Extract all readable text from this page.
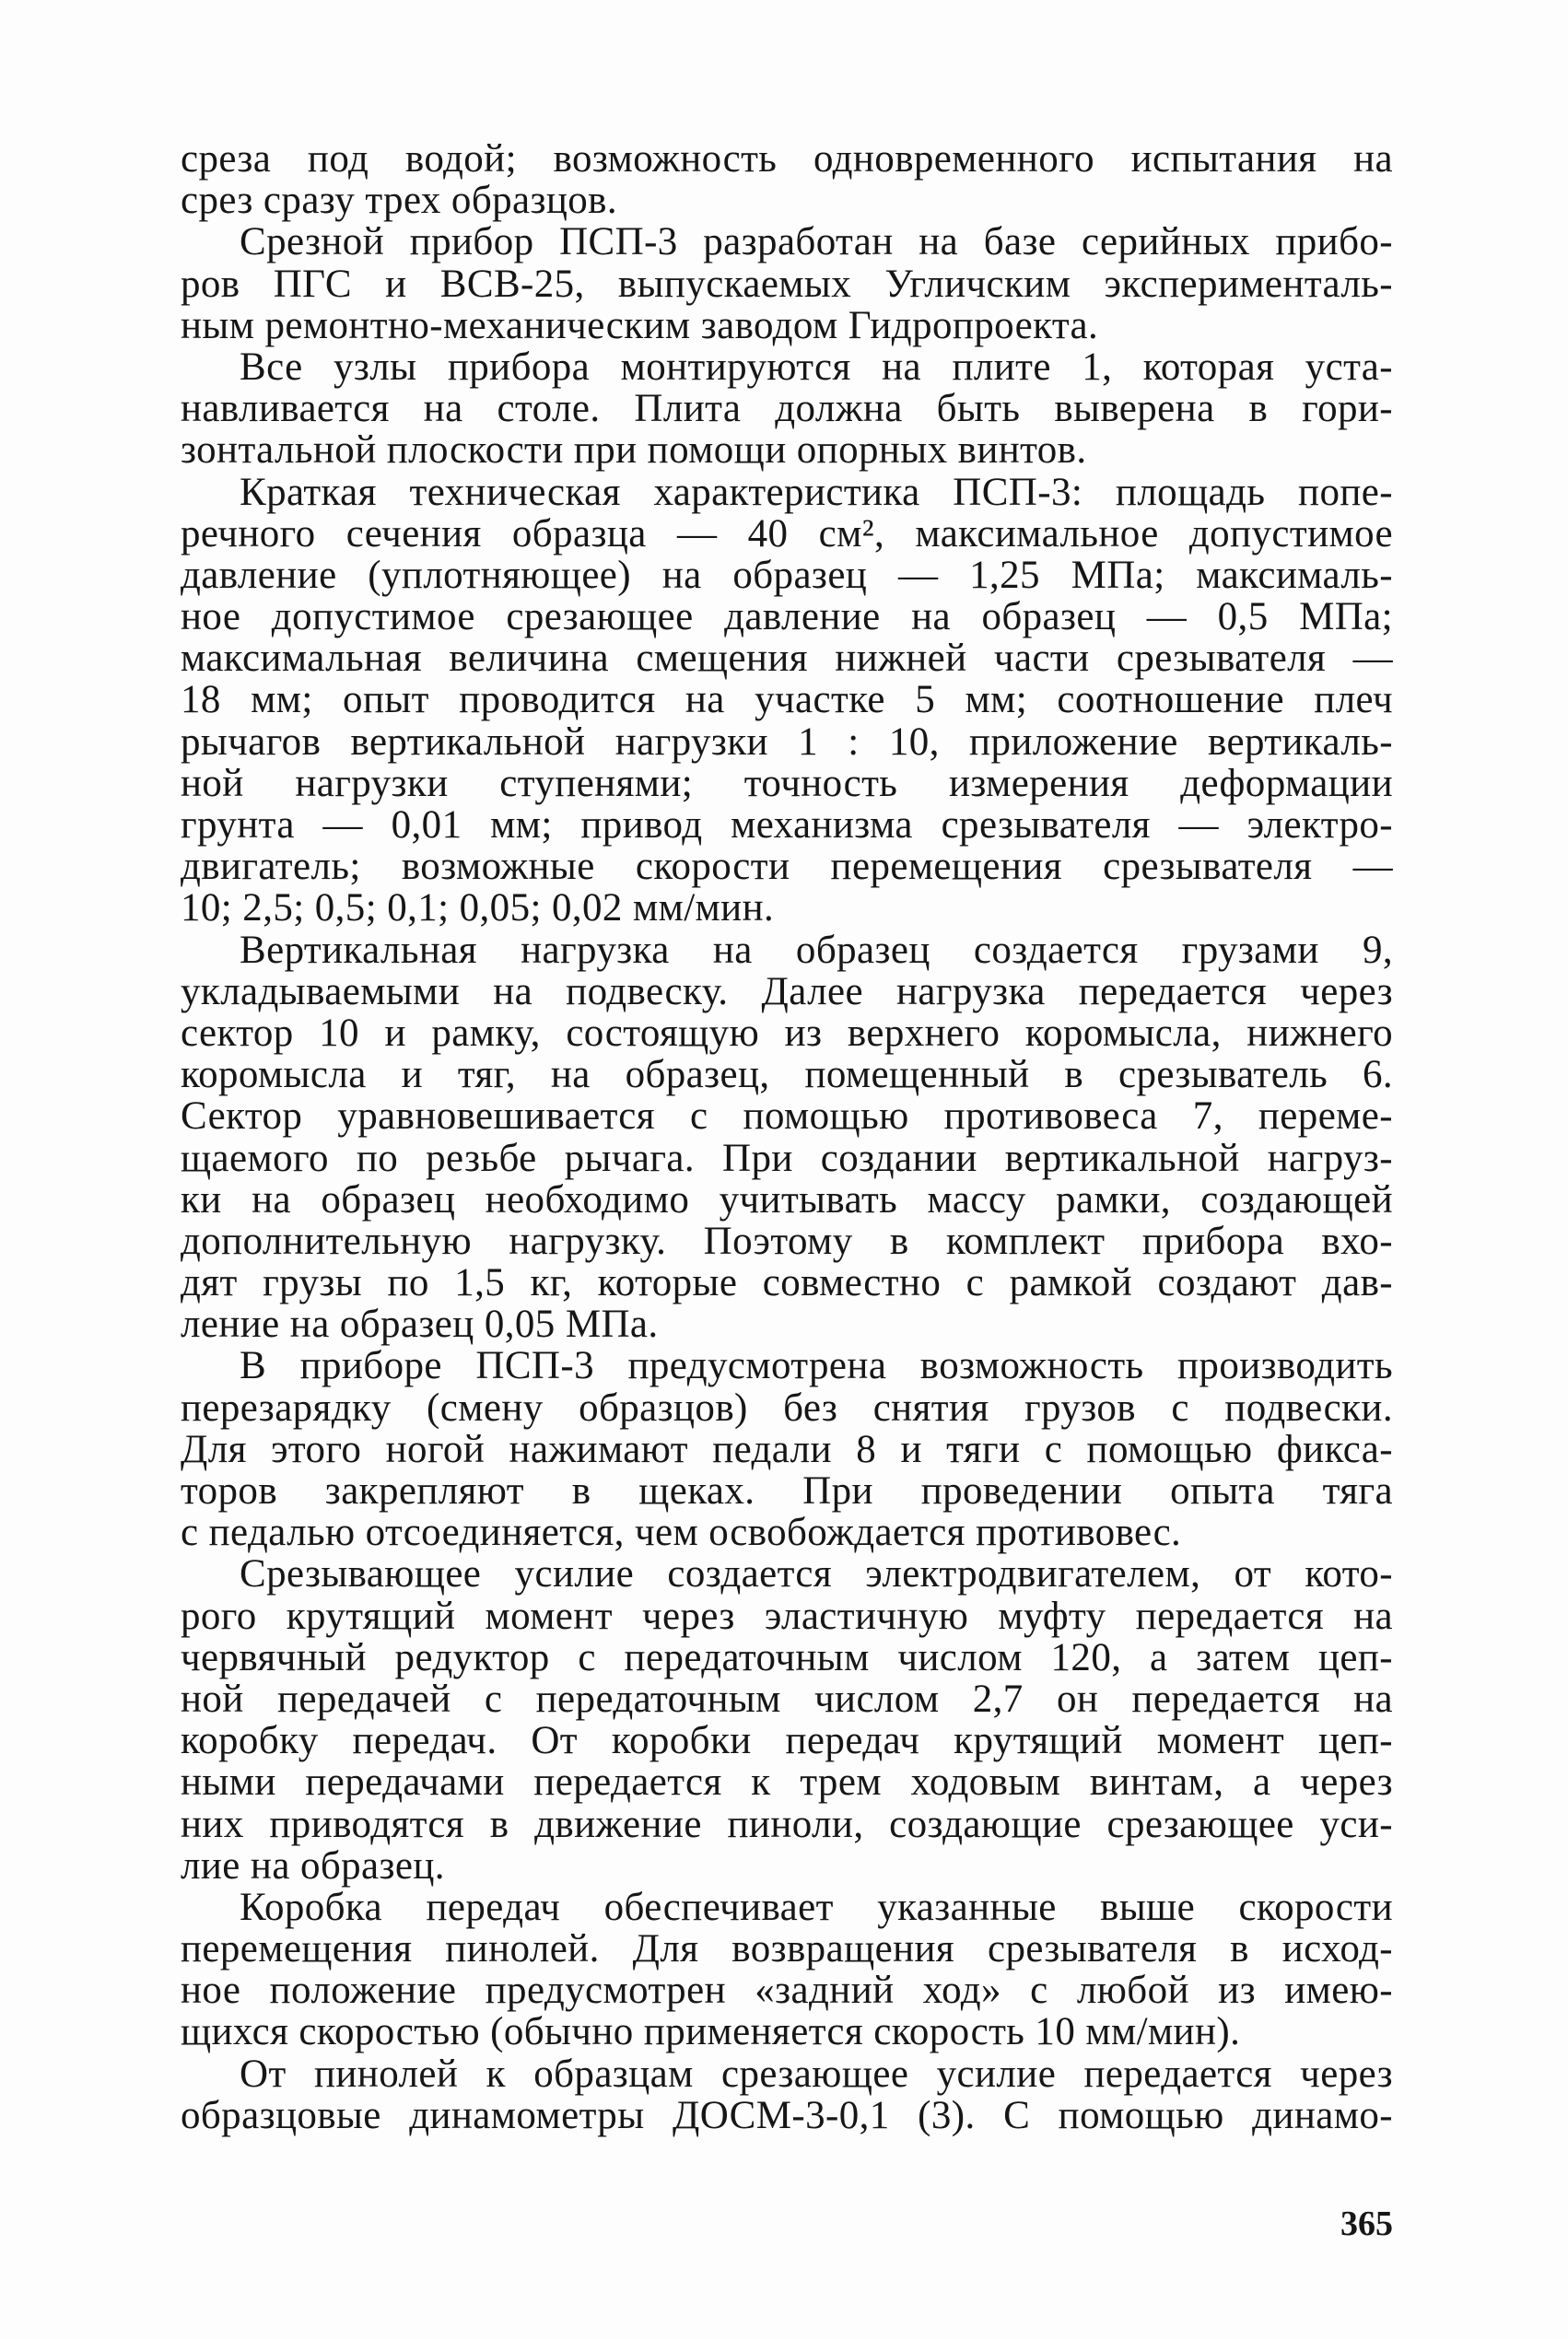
среза под водой; возможность одновременного испытания на
срез сразу трех образцов.
Срезной прибор ПСП-3 разработан на базе серийных прибо-
ров ПГС и ВСВ-25, выпускаемых Угличским эксперименталь-
ным ремонтно-механическим заводом Гидропроекта.
Все узлы прибора монтируются на плите 1, которая уста-
навливается на столе. Плита должна быть выверена в гори-
зонтальной плоскости при помощи опорных винтов.
Краткая техническая характеристика ПСП-3: площадь попе-
речного сечения образца — 40 см², максимальное допустимое
давление (уплотняющее) на образец — 1,25 МПа; максималь-
ное допустимое срезающее давление на образец — 0,5 МПа;
максимальная величина смещения нижней части срезывателя —
18 мм; опыт проводится на участке 5 мм; соотношение плеч
рычагов вертикальной нагрузки 1 : 10, приложение вертикаль-
ной нагрузки ступенями; точность измерения деформации
грунта — 0,01 мм; привод механизма срезывателя — электро-
двигатель; возможные скорости перемещения срезывателя —
10; 2,5; 0,5; 0,1; 0,05; 0,02 мм/мин.
Вертикальная нагрузка на образец создается грузами 9,
укладываемыми на подвеску. Далее нагрузка передается через
сектор 10 и рамку, состоящую из верхнего коромысла, нижнего
коромысла и тяг, на образец, помещенный в срезыватель 6.
Сектор уравновешивается с помощью противовеса 7, переме-
щаемого по резьбе рычага. При создании вертикальной нагруз-
ки на образец необходимо учитывать массу рамки, создающей
дополнительную нагрузку. Поэтому в комплект прибора вхо-
дят грузы по 1,5 кг, которые совместно с рамкой создают дав-
ление на образец 0,05 МПа.
В приборе ПСП-3 предусмотрена возможность производить
перезарядку (смену образцов) без снятия грузов с подвески.
Для этого ногой нажимают педали 8 и тяги с помощью фикса-
торов закрепляют в щеках. При проведении опыта тяга
с педалью отсоединяется, чем освобождается противовес.
Срезывающее усилие создается электродвигателем, от кото-
рого крутящий момент через эластичную муфту передается на
червячный редуктор с передаточным числом 120, а затем цеп-
ной передачей с передаточным числом 2,7 он передается на
коробку передач. От коробки передач крутящий момент цеп-
ными передачами передается к трем ходовым винтам, а через
них приводятся в движение пиноли, создающие срезающее уси-
лие на образец.
Коробка передач обеспечивает указанные выше скорости
перемещения пинолей. Для возвращения срезывателя в исход-
ное положение предусмотрен «задний ход» с любой из имею-
щихся скоростью (обычно применяется скорость 10 мм/мин).
От пинолей к образцам срезающее усилие передается через
образцовые динамометры ДОСМ-3-0,1 (3). С помощью динамо-
365
